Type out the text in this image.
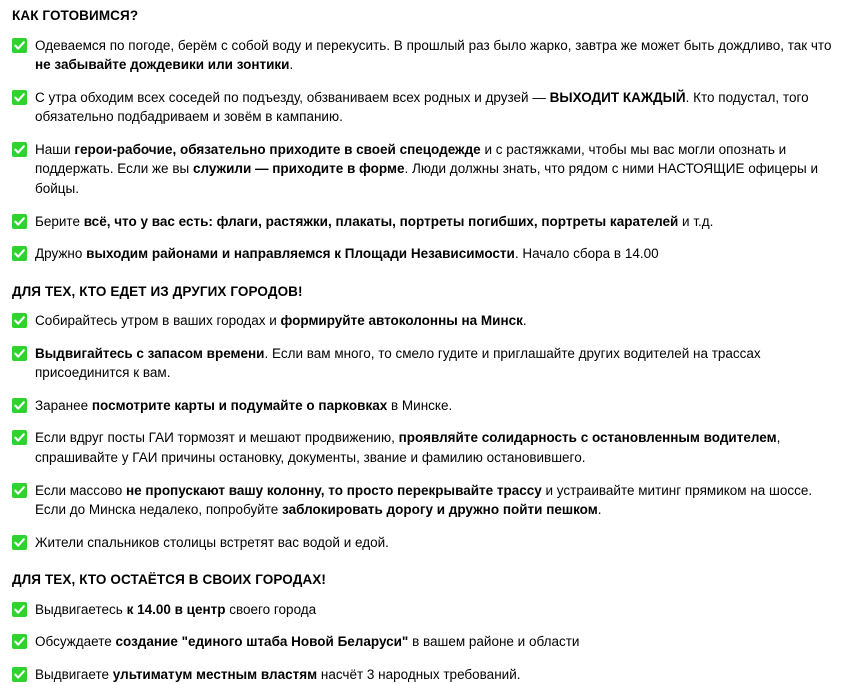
КАК ГОТОВИМСЯ?
Одеваемся по погоде, берём с собой воду и перекусить. В прошлый раз было жарко, завтра же может быть дождливо, так что не забывайте дождевики или зонтики.
С утра обходим всех соседей по подъезду, обзваниваем всех родных и друзей — ВЫХОДИТ КАЖДЫЙ. Кто подустал, того обязательно подбадриваем и зовём в кампанию.
Наши герои-рабочие, обязательно приходите в своей спецодежде и с растяжками, чтобы мы вас могли опознать и поддержать. Если же вы служили — приходите в форме. Люди должны знать, что рядом с ними НАСТОЯЩИЕ офицеры и бойцы.
Берите всё, что у вас есть: флаги, растяжки, плакаты, портреты погибших, портреты карателей и т.д.
Дружно выходим районами и направляемся к Площади Независимости. Начало сбора в 14.00
ДЛЯ ТЕХ, КТО ЕДЕТ ИЗ ДРУГИХ ГОРОДОВ!
Собирайтесь утром в ваших городах и формируйте автоколонны на Минск.
Выдвигайтесь с запасом времени. Если вам много, то смело гудите и приглашайте других водителей на трассах присоединится к вам.
Заранее посмотрите карты и подумайте о парковках в Минске.
Если вдруг посты ГАИ тормозят и мешают продвижению, проявляйте солидарность с остановленным водителем, спрашивайте у ГАИ причины остановку, документы, звание и фамилию остановившего.
Если массово не пропускают вашу колонну, то просто перекрывайте трассу и устраивайте митинг прямиком на шоссе. Если до Минска недалеко, попробуйте заблокировать дорогу и дружно пойти пешком.
Жители спальников столицы встретят вас водой и едой.
ДЛЯ ТЕХ, КТО ОСТАЁТСЯ В СВОИХ ГОРОДАХ!
Выдвигаетесь к 14.00 в центр своего города
Обсуждаете создание "единого штаба Новой Беларуси" в вашем районе и области
Выдвигаете ультиматум местным властям насчёт 3 народных требований.
